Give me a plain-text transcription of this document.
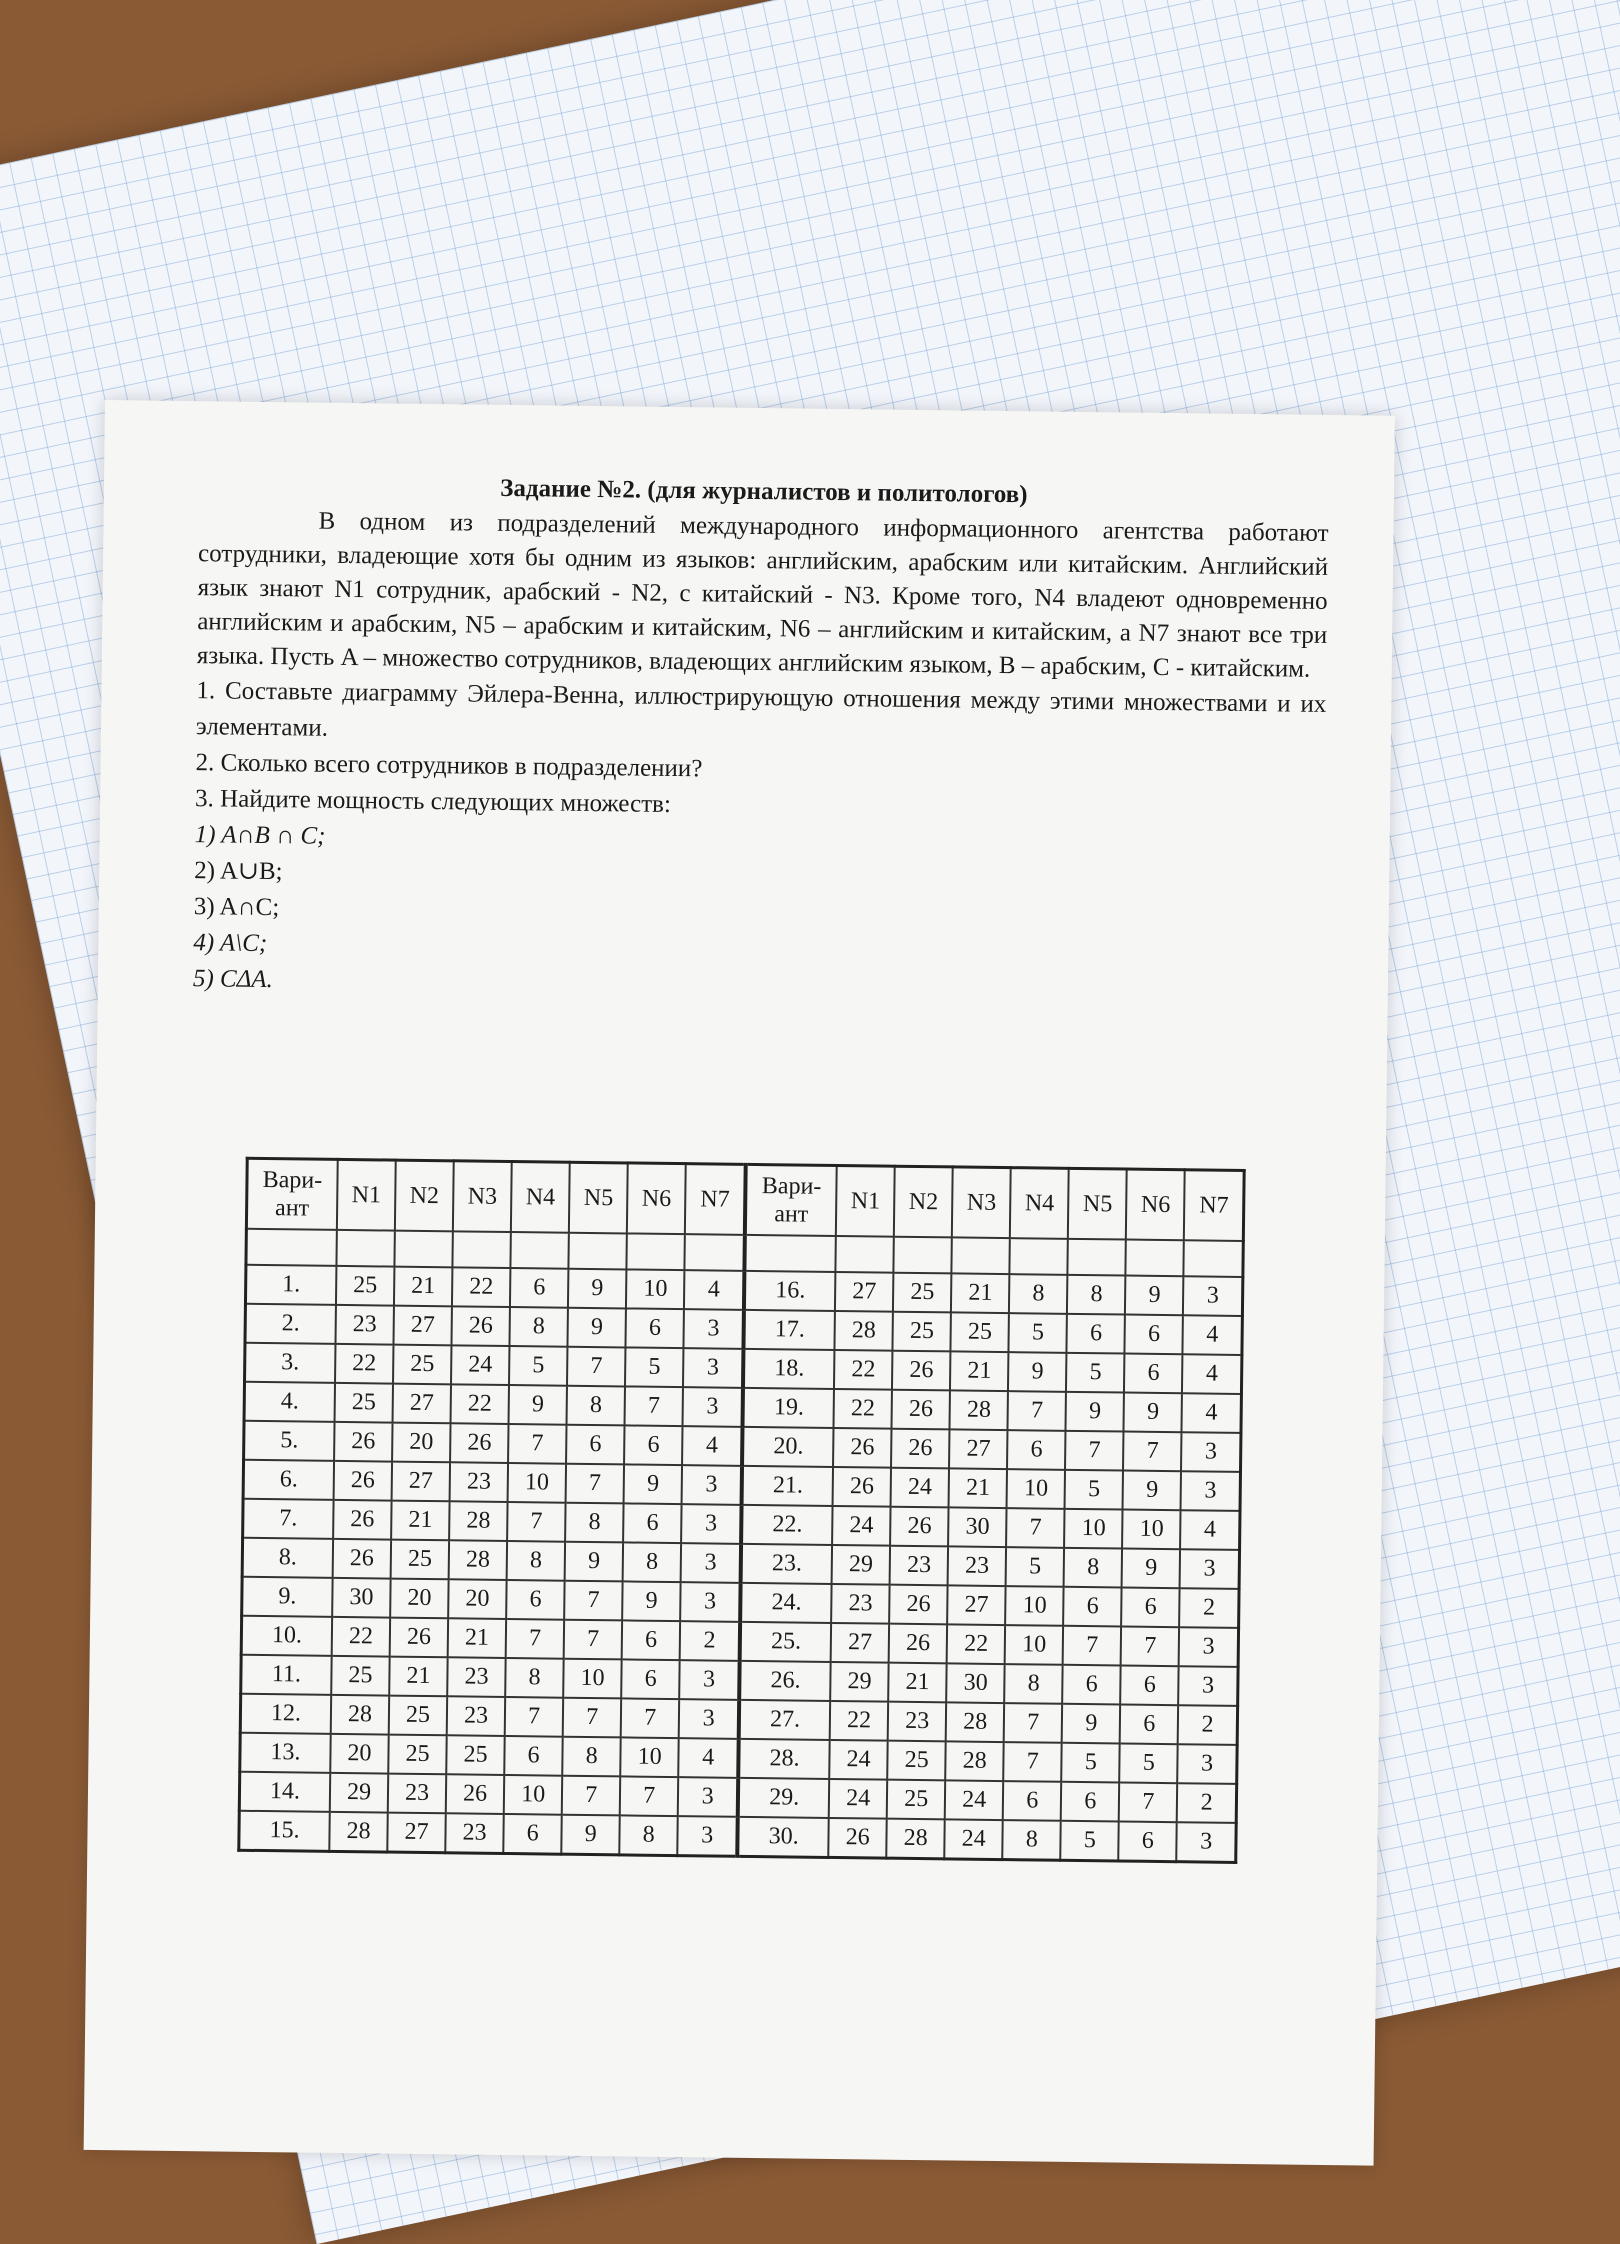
Задание №2. (для журналистов и политологов)

В одном из подразделений международного информационного агентства работают сотрудники, владеющие хотя бы одним из языков: английским, арабским или китайским. Английский язык знают N1 сотрудник, арабский - N2, с китайский - N3. Кроме того, N4 владеют одновременно английским и арабским, N5 – арабским и китайским, N6 – английским и китайским, а N7 знают все три языка. Пусть A – множество сотрудников, владеющих английским языком, B – арабским, C - китайским.

1. Составьте диаграмму Эйлера-Венна, иллюстрирующую отношения между этими множествами и их элементами.

2. Сколько всего сотрудников в подразделении?

3. Найдите мощность следующих множеств:

1) A∩B ∩ C;

2) A∪B;

3) A∩C;

4) A\C;

5) CΔA.

Вари-ант	N1	N2	N3	N4	N5	N6	N7	Вари-ант	N1	N2	N3	N4	N5	N6	N7

1.	25	21	22	6	9	10	4	16.	27	25	21	8	8	9	3
2.	23	27	26	8	9	6	3	17.	28	25	25	5	6	6	4
3.	22	25	24	5	7	5	3	18.	22	26	21	9	5	6	4
4.	25	27	22	9	8	7	3	19.	22	26	28	7	9	9	4
5.	26	20	26	7	6	6	4	20.	26	26	27	6	7	7	3
6.	26	27	23	10	7	9	3	21.	26	24	21	10	5	9	3
7.	26	21	28	7	8	6	3	22.	24	26	30	7	10	10	4
8.	26	25	28	8	9	8	3	23.	29	23	23	5	8	9	3
9.	30	20	20	6	7	9	3	24.	23	26	27	10	6	6	2
10.	22	26	21	7	7	6	2	25.	27	26	22	10	7	7	3
11.	25	21	23	8	10	6	3	26.	29	21	30	8	6	6	3
12.	28	25	23	7	7	7	3	27.	22	23	28	7	9	6	2
13.	20	25	25	6	8	10	4	28.	24	25	28	7	5	5	3
14.	29	23	26	10	7	7	3	29.	24	25	24	6	6	7	2
15.	28	27	23	6	9	8	3	30.	26	28	24	8	5	6	3
